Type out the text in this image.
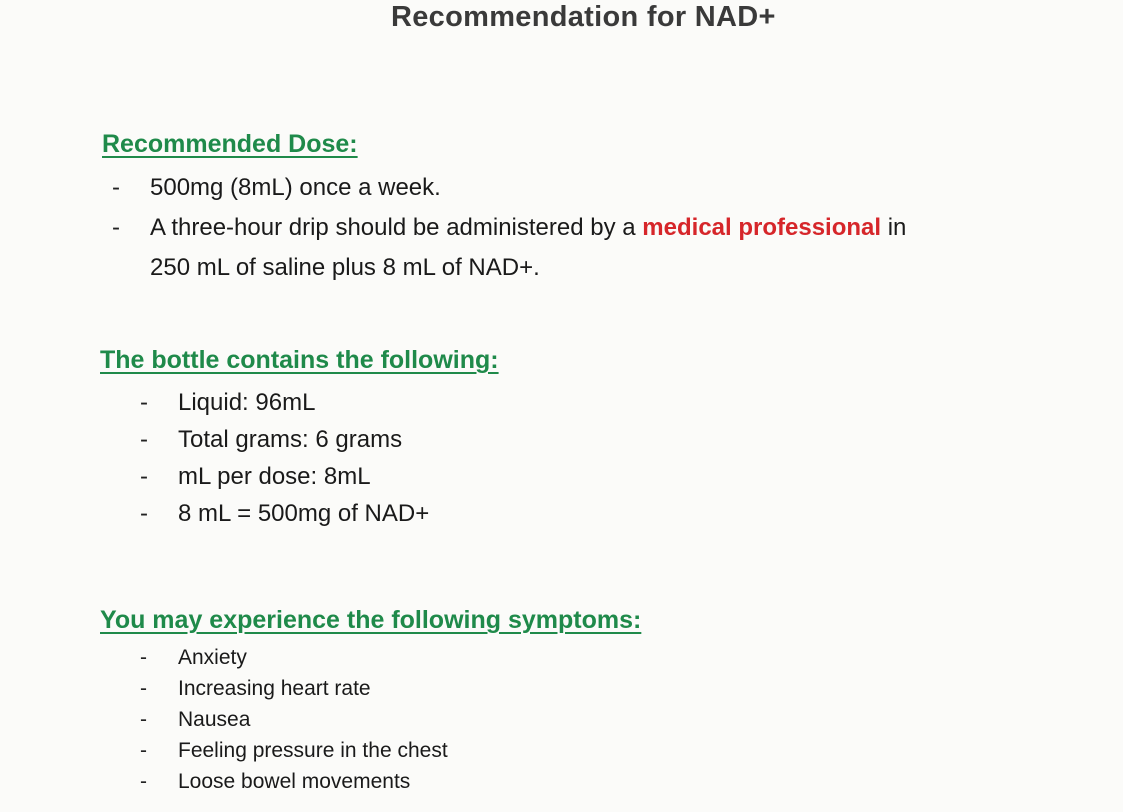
Recommendation for NAD+
Recommended Dose:
- 500mg (8mL) once a week.
- A three-hour drip should be administered by a medical professional in
250 mL of saline plus 8 mL of NAD+.
The bottle contains the following:
- Liquid: 96mL
- Total grams: 6 grams
- mL per dose: 8mL
- 8 mL = 500mg of NAD+
You may experience the following symptoms:
- Anxiety
- Increasing heart rate
- Nausea
- Feeling pressure in the chest
- Loose bowel movements
